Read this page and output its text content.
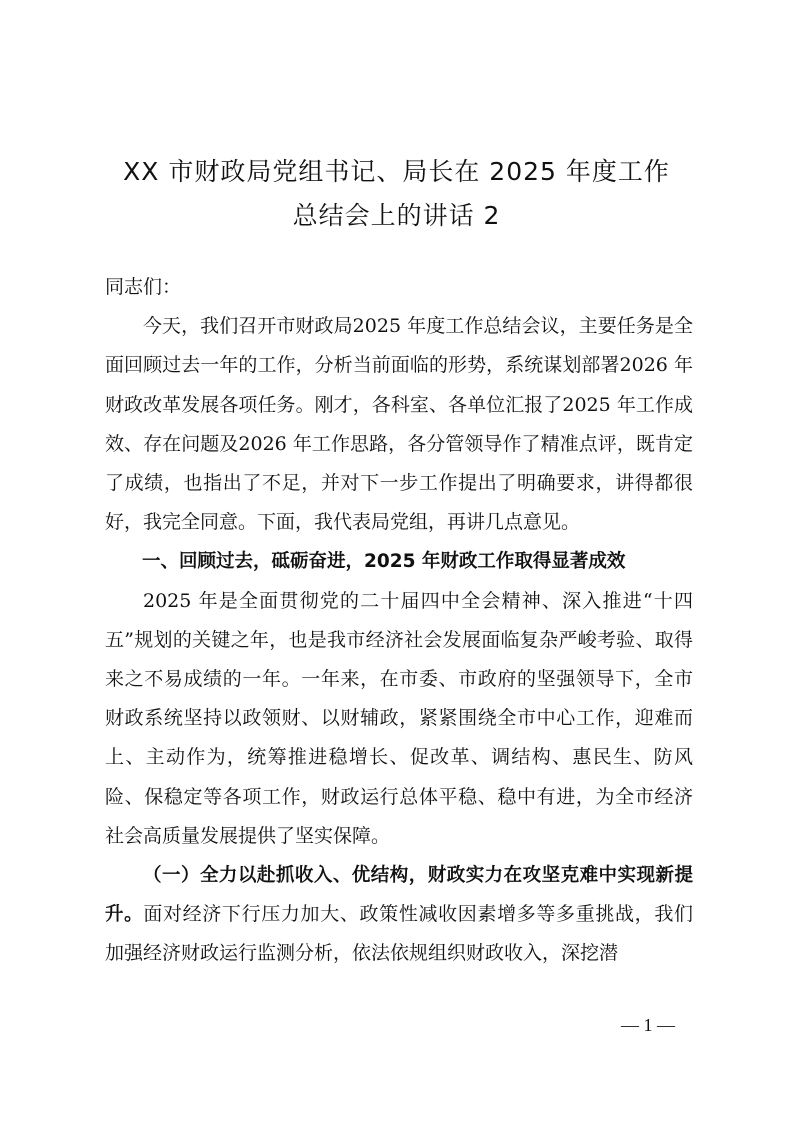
XX 市财政局党组书记、局长在 2025 年度工作
总结会上的讲话 2

同志们：

今天，我们召开市财政局2025 年度工作总结会议，主要任务是全面回顾过去一年的工作，分析当前面临的形势，系统谋划部署2026 年财政改革发展各项任务。刚才，各科室、各单位汇报了2025 年工作成效、存在问题及2026 年工作思路，各分管领导作了精准点评，既肯定了成绩，也指出了不足，并对下一步工作提出了明确要求，讲得都很好，我完全同意。下面，我代表局党组，再讲几点意见。

一、回顾过去，砥砺奋进，2025 年财政工作取得显著成效

2025 年是全面贯彻党的二十届四中全会精神、深入推进“十四五”规划的关键之年，也是我市经济社会发展面临复杂严峻考验、取得来之不易成绩的一年。一年来，在市委、市政府的坚强领导下，全市财政系统坚持以政领财、以财辅政，紧紧围绕全市中心工作，迎难而上、主动作为，统筹推进稳增长、促改革、调结构、惠民生、防风险、保稳定等各项工作，财政运行总体平稳、稳中有进，为全市经济社会高质量发展提供了坚实保障。

（一）全力以赴抓收入、优结构，财政实力在攻坚克难中实现新提升。面对经济下行压力加大、政策性减收因素增多等多重挑战，我们加强经济财政运行监测分析，依法依规组织财政收入，深挖潜

— 1 —
